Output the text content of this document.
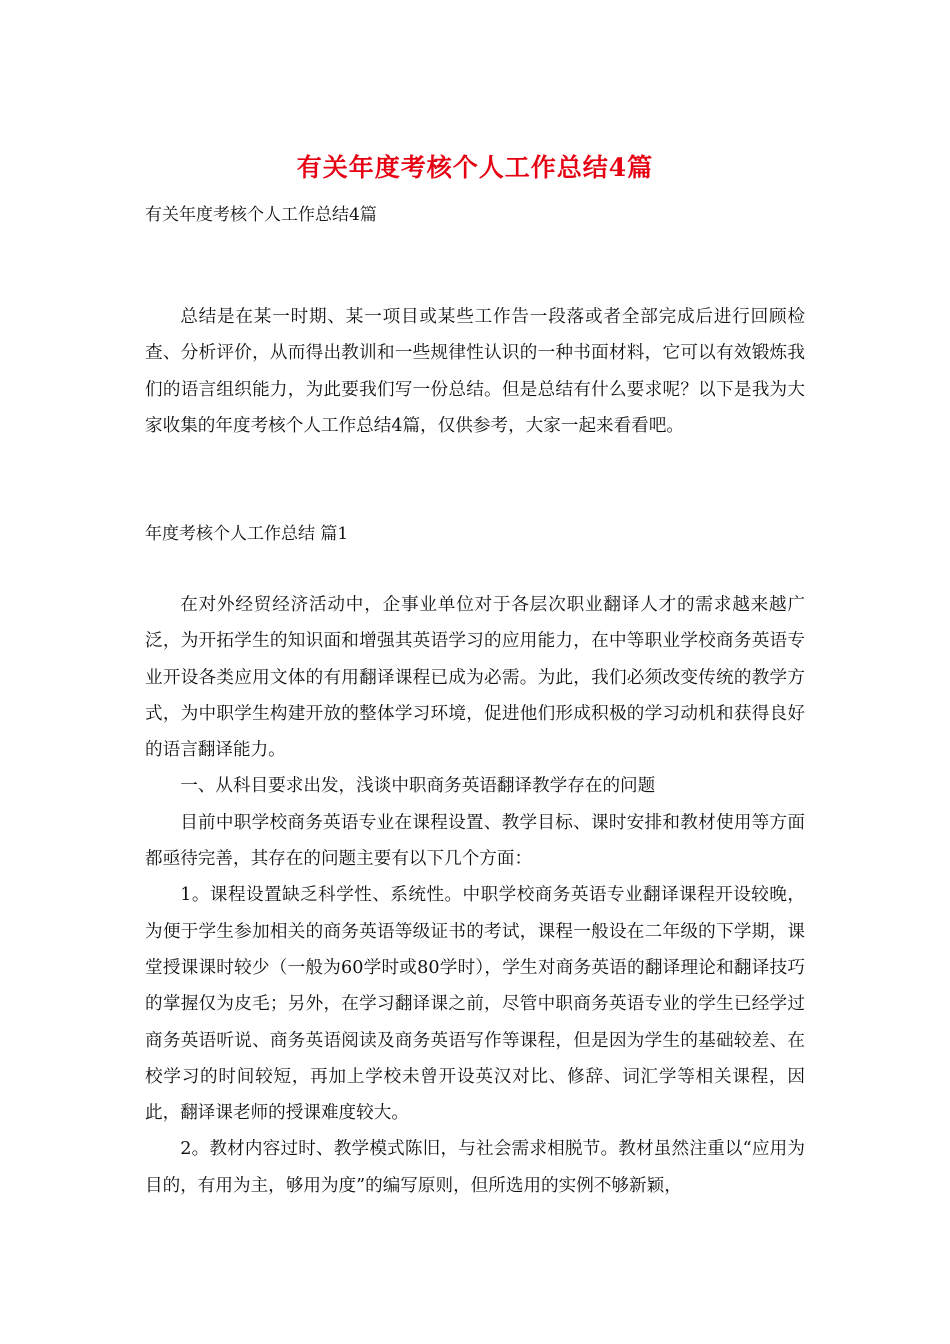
有关年度考核个人工作总结4篇
有关年度考核个人工作总结4篇

总结是在某一时期、某一项目或某些工作告一段落或者全部完成后进行回顾检查、分析评价，从而得出教训和一些规律性认识的一种书面材料，它可以有效锻炼我们的语言组织能力，为此要我们写一份总结。但是总结有什么要求呢？以下是我为大家收集的年度考核个人工作总结4篇，仅供参考，大家一起来看看吧。

年度考核个人工作总结 篇1

在对外经贸经济活动中，企事业单位对于各层次职业翻译人才的需求越来越广泛，为开拓学生的知识面和增强其英语学习的应用能力，在中等职业学校商务英语专业开设各类应用文体的有用翻译课程已成为必需。为此，我们必须改变传统的教学方式，为中职学生构建开放的整体学习环境，促进他们形成积极的学习动机和获得良好的语言翻译能力。

一、从科目要求出发，浅谈中职商务英语翻译教学存在的问题

目前中职学校商务英语专业在课程设置、教学目标、课时安排和教材使用等方面都亟待完善，其存在的问题主要有以下几个方面：

1。课程设置缺乏科学性、系统性。中职学校商务英语专业翻译课程开设较晚，为便于学生参加相关的商务英语等级证书的考试，课程一般设在二年级的下学期，课堂授课课时较少（一般为60学时或80学时），学生对商务英语的翻译理论和翻译技巧的掌握仅为皮毛；另外，在学习翻译课之前，尽管中职商务英语专业的学生已经学过商务英语听说、商务英语阅读及商务英语写作等课程，但是因为学生的基础较差、在校学习的时间较短，再加上学校未曾开设英汉对比、修辞、词汇学等相关课程，因此，翻译课老师的授课难度较大。

2。教材内容过时、教学模式陈旧，与社会需求相脱节。教材虽然注重以“应用为目的，有用为主，够用为度”的编写原则，但所选用的实例不够新颖，
